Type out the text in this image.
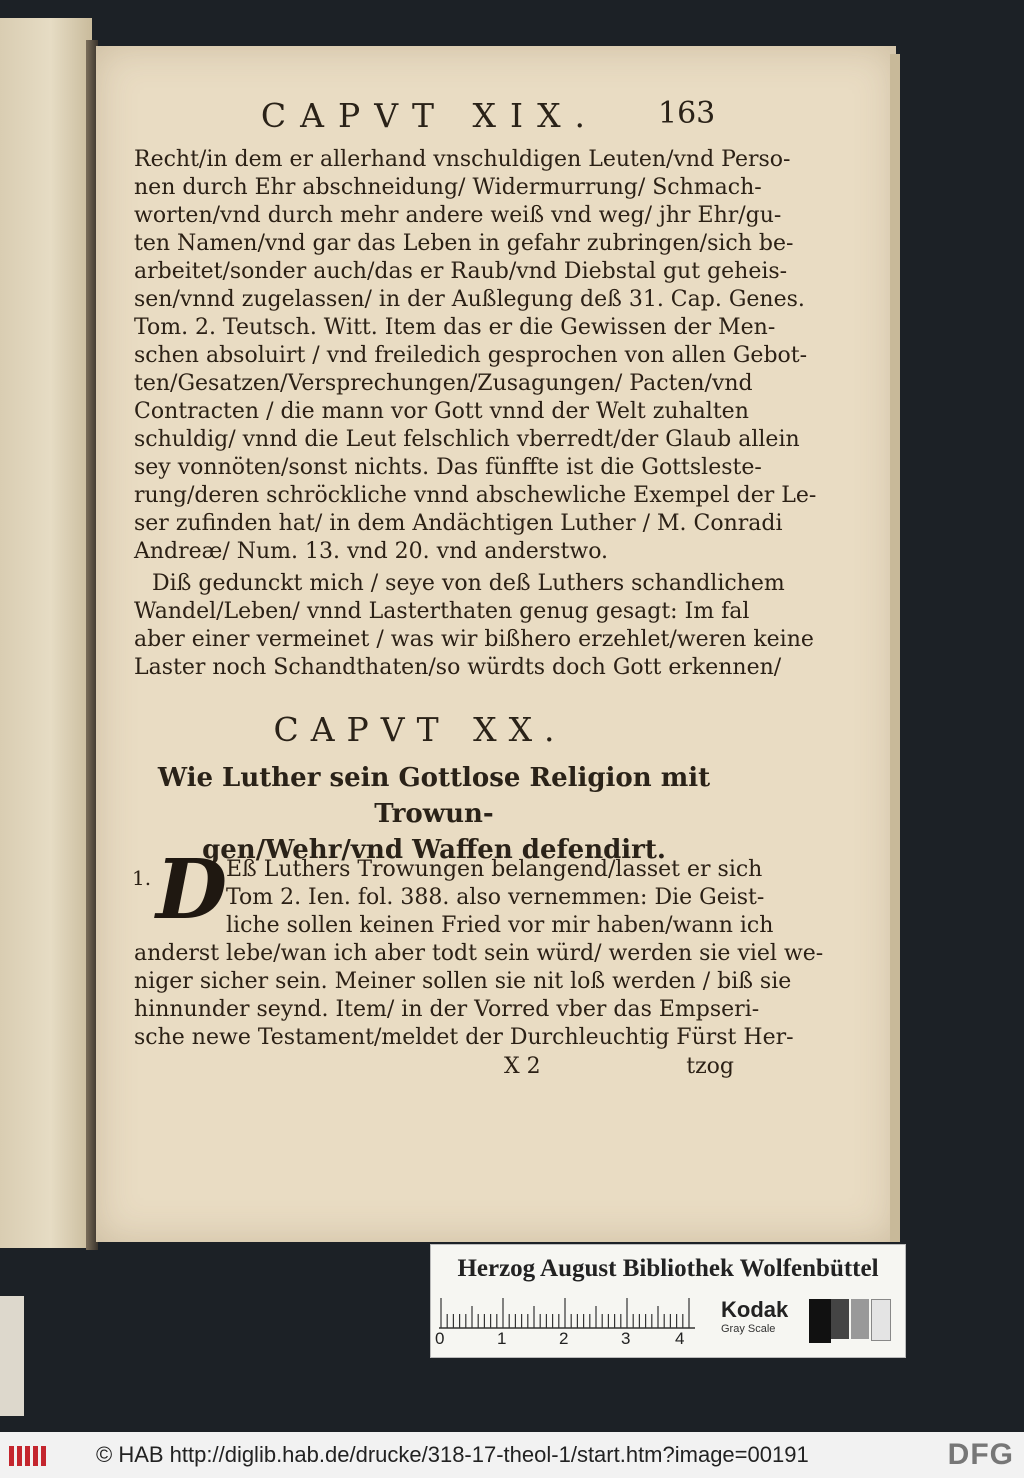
CAPVT XIX.	163
Recht/in dem er allerhand vnschuldigen Leuten/vnd Perso-
nen durch Ehr abschneidung/ Widermurrung/ Schmach-
worten/vnd durch mehr andere weiß vnd weg/ jhr Ehr/gu-
ten Namen/vnd gar das Leben in gefahr zubringen/sich be-
arbeitet/sonder auch/das er Raub/vnd Diebstal gut geheis-
sen/vnnd zugelassen/ in der Außlegung deß 31. Cap. Genes.
Tom. 2. Teutsch. Witt. Item das er die Gewissen der Men-
schen absoluirt / vnd freiledich gesprochen von allen Gebot-
ten/Gesatzen/Versprechungen/Zusagungen/ Pacten/vnd
Contracten / die mann vor Gott vnnd der Welt zuhalten
schuldig/ vnnd die Leut felschlich vberredt/der Glaub allein
sey vonnöten/sonst nichts. Das fünffte ist die Gottsleste-
rung/deren schröckliche vnnd abschewliche Exempel der Le-
ser zufinden hat/ in dem Andächtigen Luther / M. Conradi
Andreæ/ Num. 13. vnd 20. vnd anderstwo.
Diß gedunckt mich / seye von deß Luthers schandlichem
Wandel/Leben/ vnnd Lasterthaten genug gesagt: Im fal
aber einer vermeinet / was wir bißhero erzehlet/weren keine
Laster noch Schandthaten/so würdts doch Gott erkennen/
CAPVT XX.
Wie Luther sein Gottlose Religion mit Trowun-
gen/Wehr/vnd Waffen defendirt.
1. D
Eß Luthers Trowungen belangend/lasset er sich
Tom 2. Ien. fol. 388. also vernemmen: Die Geist-
liche sollen keinen Fried vor mir haben/wann ich
anderst lebe/wan ich aber todt sein würd/ werden sie viel we-
niger sicher sein. Meiner sollen sie nit loß werden / biß sie
hinnunder seynd. Item/ in der Vorred vber das Empseri-
sche newe Testament/meldet der Durchleuchtig Fürst Her-
X 2	tzog
Herzog August Bibliothek Wolfenbüttel
0	1	2	3	4
Kodak
Gray Scale
© HAB http://diglib.hab.de/drucke/318-17-theol-1/start.htm?image=00191	DFG
